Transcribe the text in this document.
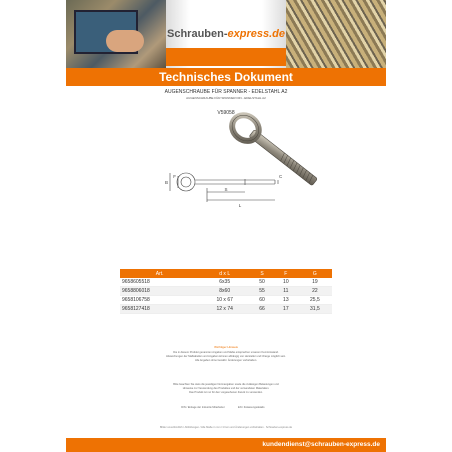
Schrauben-express.de
Technisches Dokument
AUGENSCHRAUBE FÜR SPANNER - EDELSTAHL A2
AUGENSCHRAUBE FÜR SPANNER DIN - EDELSTAHL A2
V59058
B
F	C
S
L
Art.	d x L	S	F	G
9658605518	6x35	50	10	19
9658806018	8x60	55	11	22
9658106758	10 x 67	60	13	25,5
9658127418	12 x 74	66	17	31,5
Wichtiger Hinweis
Die in diesem Produkt genannten Angaben und Maße entsprechen unserem Kenntnisstand.
Abweichungen der Maßtabellen und Angaben können abhängig von Hersteller und Charge möglich sein.
Alle Angaben ohne Gewähr. Änderungen vorbehalten.
Bitte beachten Sie stets die jeweiligen Normangaben sowie die zulässigen Belastungen und
Hinweise zur Verwendung des Produktes und der verwendeten Materialien.
Das Produkt ist nur für den vorgesehenen Zweck zu verwenden.
DIN / Einlage der Industrie Mitarbeiter	EN / Zulassungsdetails
Bilder unverbindlich / Abbildungen / Alle Maße in mm / Irrtum und Änderungen vorbehalten · Schrauben-express.de
kundendienst@schrauben-express.de
